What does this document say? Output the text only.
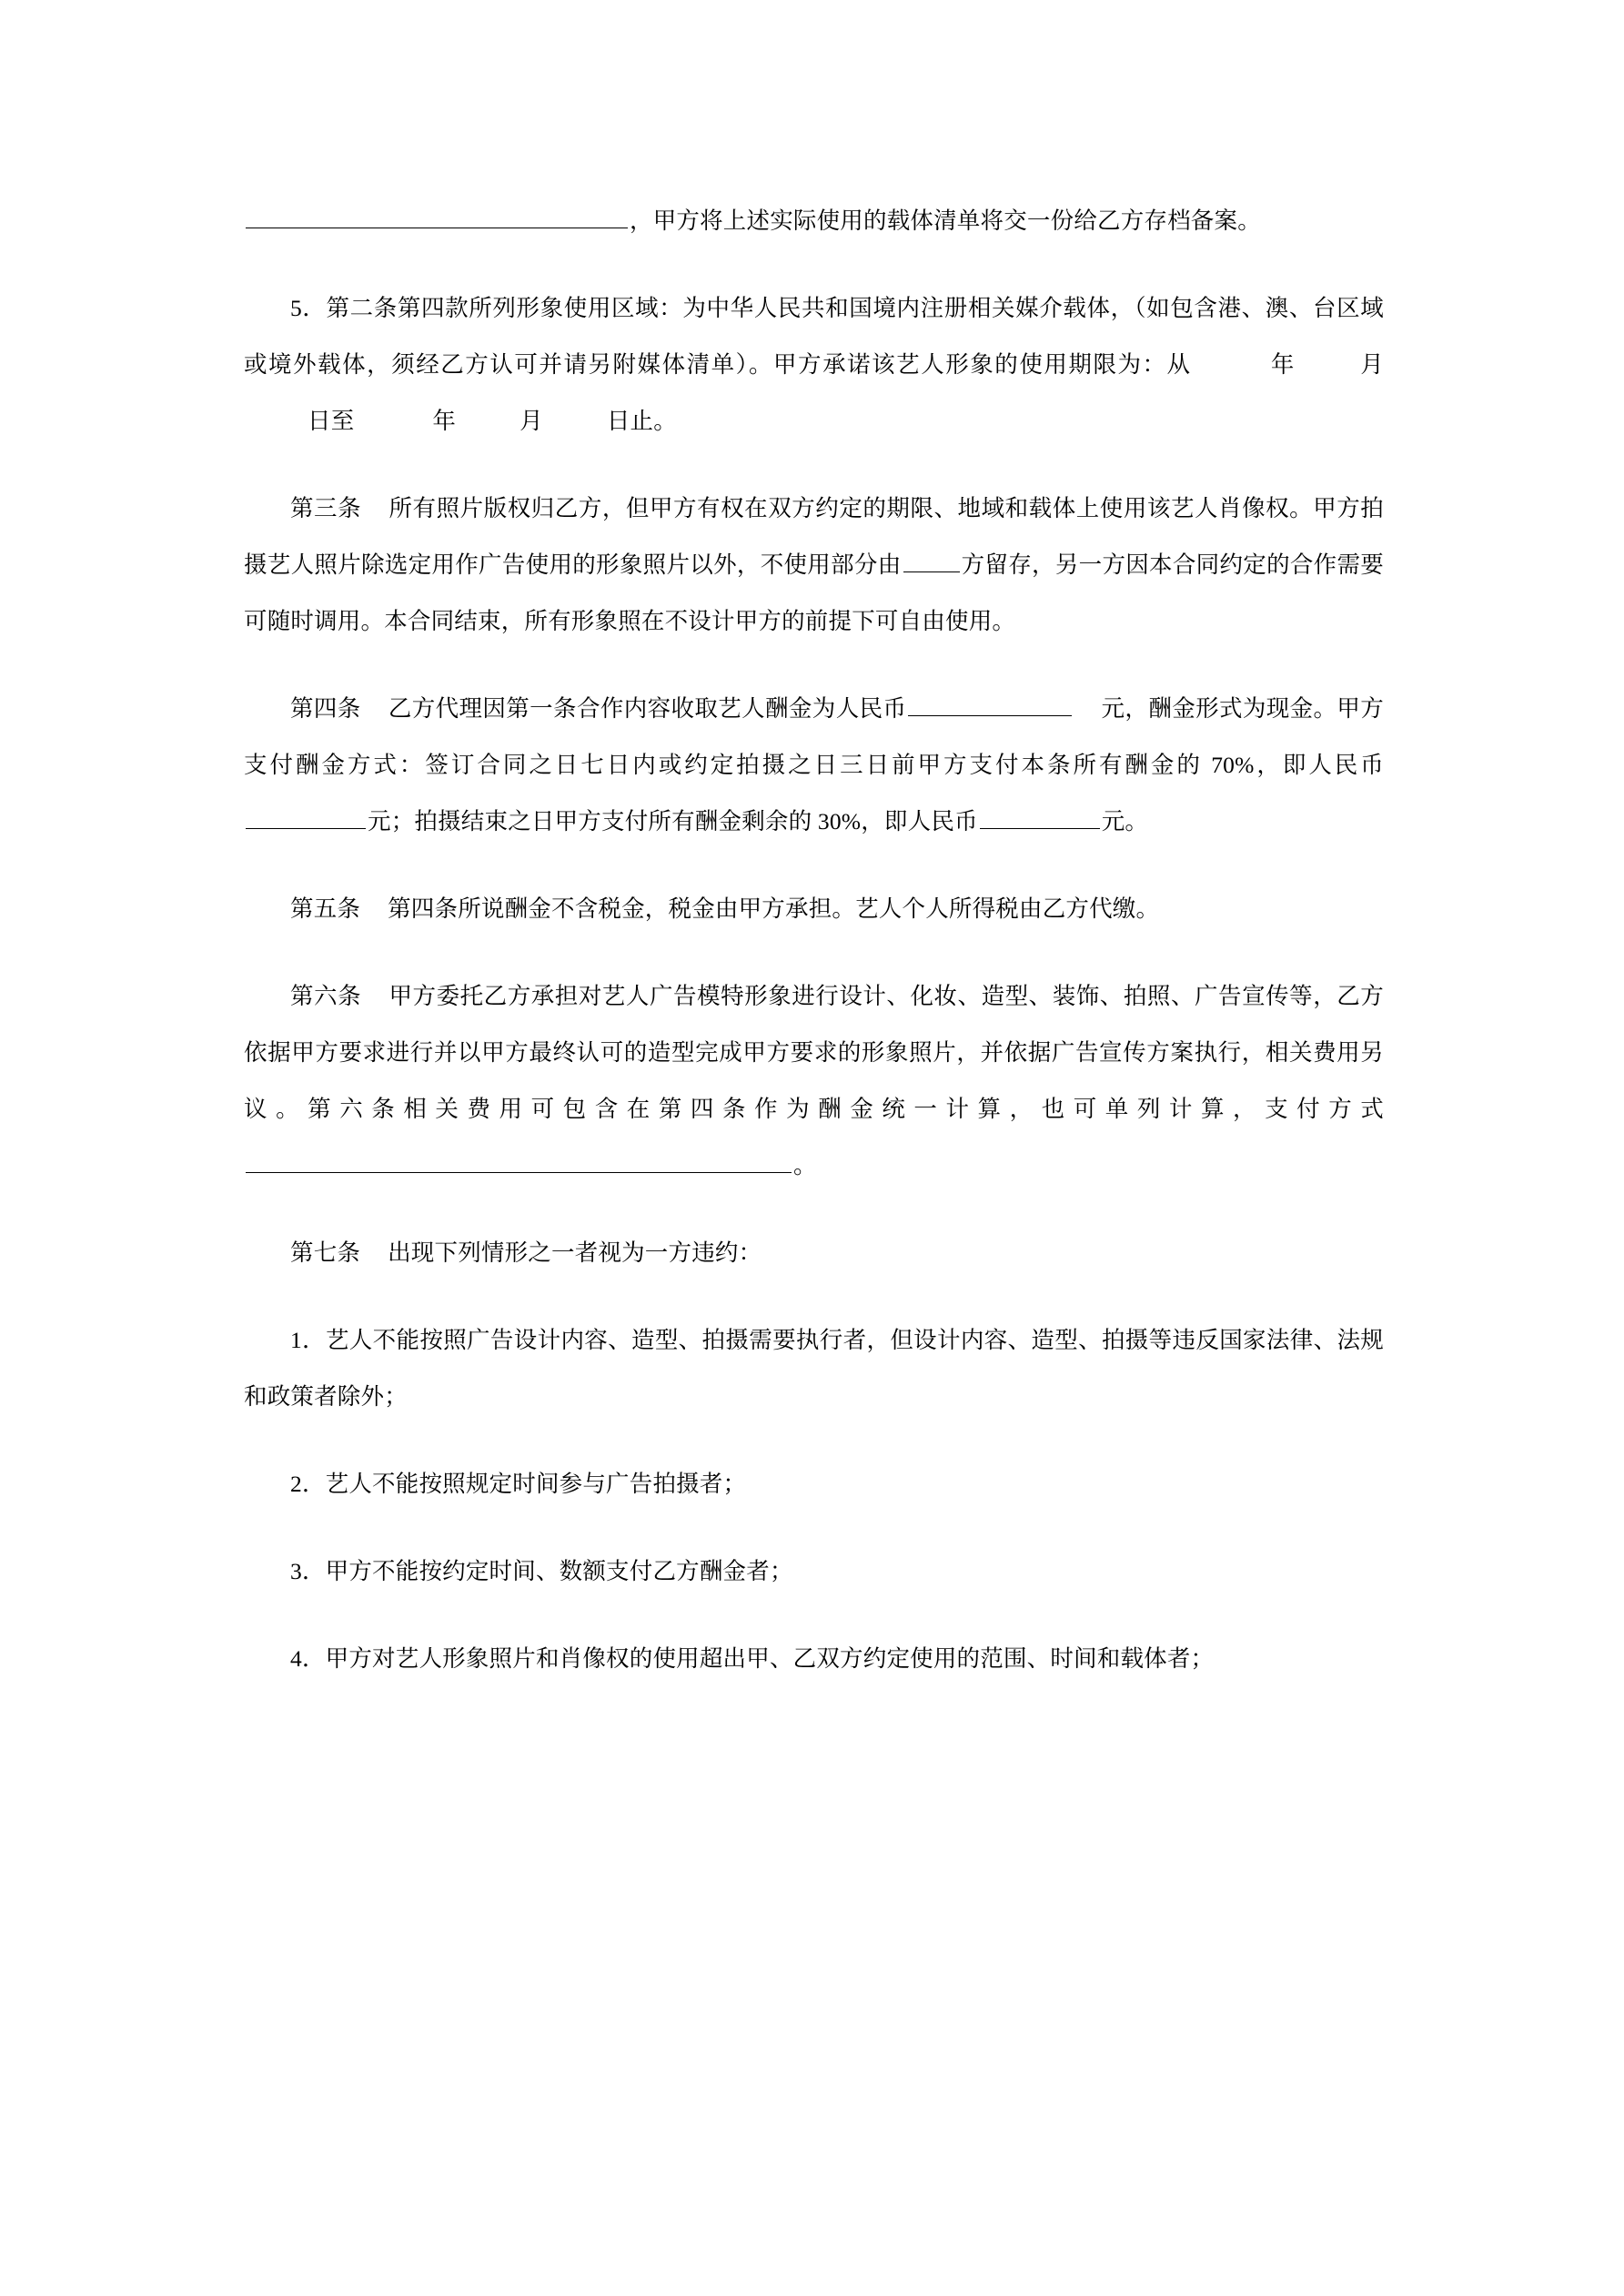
，甲方将上述实际使用的载体清单将交一份给乙方存档备案。

5．第二条第四款所列形象使用区域：为中华人民共和国境内注册相关媒介载体，（如包含港、澳、台区域或境外载体，须经乙方认可并请另附媒体清单）。甲方承诺该艺人形象的使用期限为：从	年	月日至	年	月	日止。

第三条 所有照片版权归乙方，但甲方有权在双方约定的期限、地域和载体上使用该艺人肖像权。甲方拍摄艺人照片除选定用作广告使用的形象照片以外，不使用部分由	方留存，另一方因本合同约定的合作需要可随时调用。本合同结束，所有形象照在不设计甲方的前提下可自由使用。

第四条 乙方代理因第一条合作内容收取艺人酬金为人民币	元，酬金形式为现金。甲方支付酬金方式：签订合同之日七日内或约定拍摄之日三日前甲方支付本条所有酬金的 70%，即人民币元；拍摄结束之日甲方支付所有酬金剩余的 30%，即人民币	元。

第五条 第四条所说酬金不含税金，税金由甲方承担。艺人个人所得税由乙方代缴。

第六条 甲方委托乙方承担对艺人广告模特形象进行设计、化妆、造型、装饰、拍照、广告宣传等，乙方依据甲方要求进行并以甲方最终认可的造型完成甲方要求的形象照片，并依据广告宣传方案执行，相关费用另议。第六条相关费用可包含在第四条作为酬金统一计算，也可单列计算，支付方式。

第七条 出现下列情形之一者视为一方违约：

1．艺人不能按照广告设计内容、造型、拍摄需要执行者，但设计内容、造型、拍摄等违反国家法律、法规和政策者除外；

2．艺人不能按照规定时间参与广告拍摄者；

3．甲方不能按约定时间、数额支付乙方酬金者；

4．甲方对艺人形象照片和肖像权的使用超出甲、乙双方约定使用的范围、时间和载体者；
